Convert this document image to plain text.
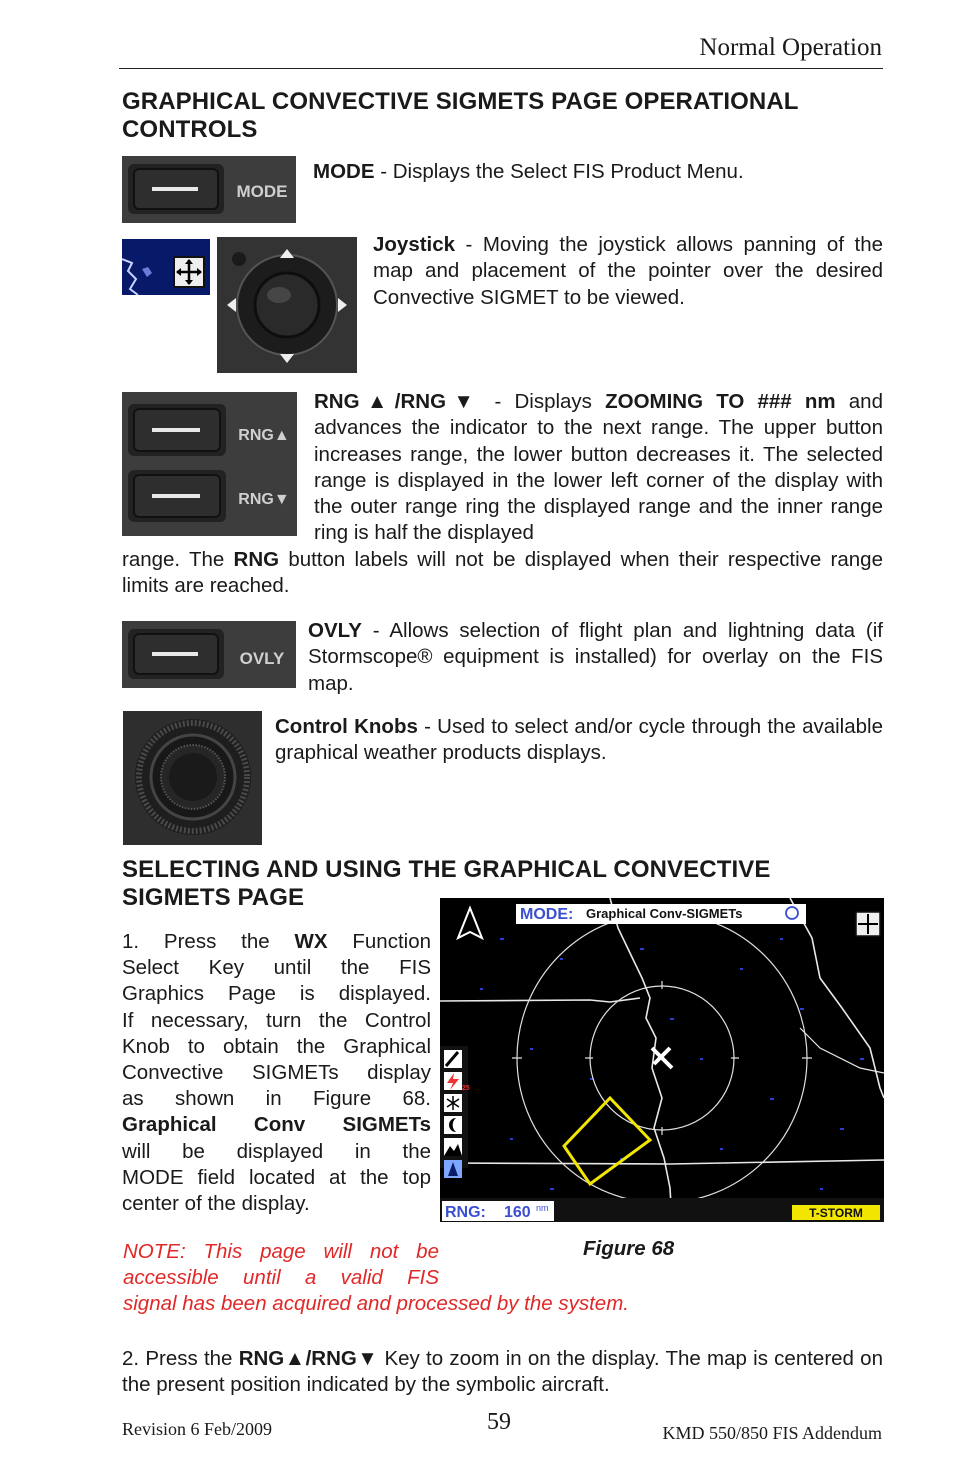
Normal Operation
GRAPHICAL CONVECTIVE SIGMETS PAGE OPERATIONAL CONTROLS
MODE
MODE - Displays the Select FIS Product Menu.
Joystick - Moving the joystick allows panning of the map and placement of the pointer over the desired Convective SIGMET to be viewed.
RNG▲
RNG▼
RNG▲/RNG▼ - Displays ZOOMING TO ### nm and advances the indicator to the next range. The upper button increases range, the lower button decreases it. The selected range is displayed in the lower left corner of the display with the outer range ring the displayed range and the inner range ring is half the displayed
range. The RNG button labels will not be displayed when their respective range limits are reached.
OVLY
OVLY - Allows selection of flight plan and lightning data (if Stormscope® equipment is installed) for overlay on the FIS map.
Control Knobs - Used to select and/or cycle through the available graphical weather products displays.
SELECTING AND USING THE GRAPHICAL CONVECTIVE SIGMETS PAGE
1. Press the WX Function
Select Key until the FIS
Graphics Page is displayed.
If necessary, turn the Control
Knob to obtain the Graphical
Convective SIGMETs display
as shown in Figure 68.
Graphical Conv SIGMETs
will be displayed in the
MODE field located at the top
center of the display.
MODE: Graphical Conv-SIGMETs
25
RNG: 160 nm	T-STORM
Figure 68
NOTE: This page will not be
accessible until a valid FIS
signal has been acquired and processed by the system.
2. Press the RNG▲/RNG▼ Key to zoom in on the display. The map is centered on the present position indicated by the symbolic aircraft.
Revision 6 Feb/2009	59	KMD 550/850 FIS Addendum
